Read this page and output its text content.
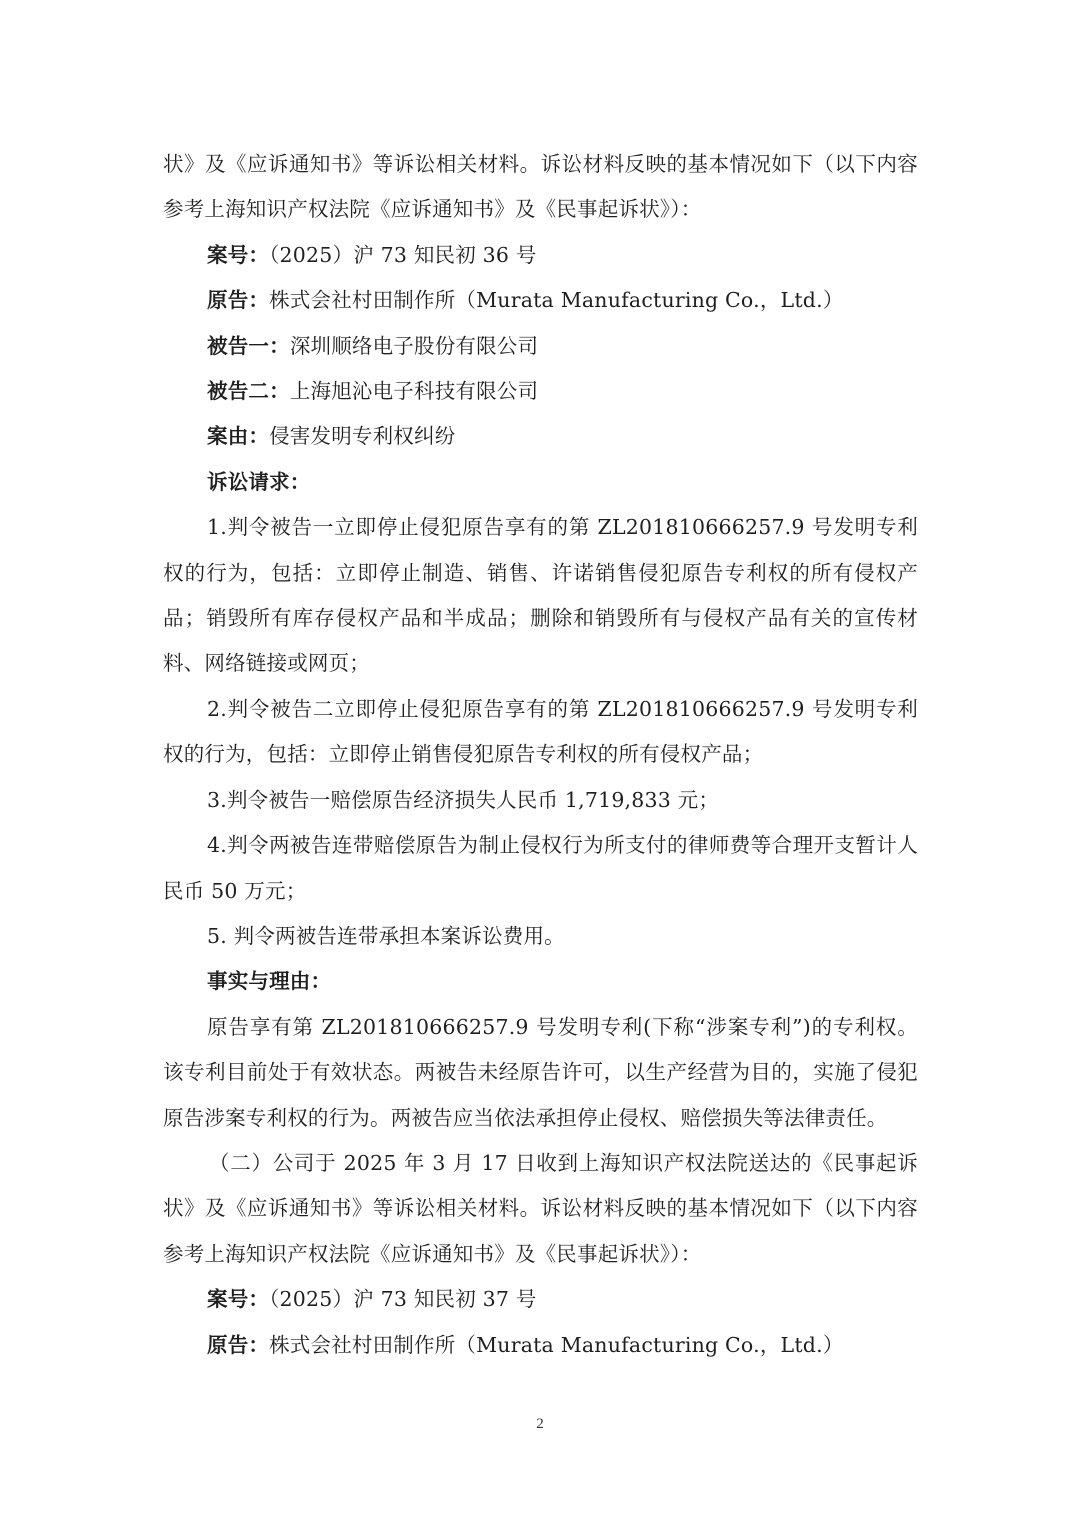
状》及《应诉通知书》等诉讼相关材料。诉讼材料反映的基本情况如下（以下内容参考上海知识产权法院《应诉通知书》及《民事起诉状》）：

案号：（2025）沪 73 知民初 36 号

原告：株式会社村田制作所（Murata Manufacturing Co.，Ltd.）

被告一：深圳顺络电子股份有限公司

被告二：上海旭沁电子科技有限公司

案由：侵害发明专利权纠纷

诉讼请求：

1.判令被告一立即停止侵犯原告享有的第 ZL201810666257.9 号发明专利权的行为，包括：立即停止制造、销售、许诺销售侵犯原告专利权的所有侵权产品；销毁所有库存侵权产品和半成品；删除和销毁所有与侵权产品有关的宣传材料、网络链接或网页；

2.判令被告二立即停止侵犯原告享有的第 ZL201810666257.9 号发明专利权的行为，包括：立即停止销售侵犯原告专利权的所有侵权产品；

3.判令被告一赔偿原告经济损失人民币 1,719,833 元；

4.判令两被告连带赔偿原告为制止侵权行为所支付的律师费等合理开支暂计人民币 50 万元；

5. 判令两被告连带承担本案诉讼费用。

事实与理由：

原告享有第 ZL201810666257.9 号发明专利(下称“涉案专利”)的专利权。该专利目前处于有效状态。两被告未经原告许可，以生产经营为目的，实施了侵犯原告涉案专利权的行为。两被告应当依法承担停止侵权、赔偿损失等法律责任。

（二）公司于 2025 年 3 月 17 日收到上海知识产权法院送达的《民事起诉状》及《应诉通知书》等诉讼相关材料。诉讼材料反映的基本情况如下（以下内容参考上海知识产权法院《应诉通知书》及《民事起诉状》）：

案号：（2025）沪 73 知民初 37 号

原告：株式会社村田制作所（Murata Manufacturing Co.，Ltd.）

2
